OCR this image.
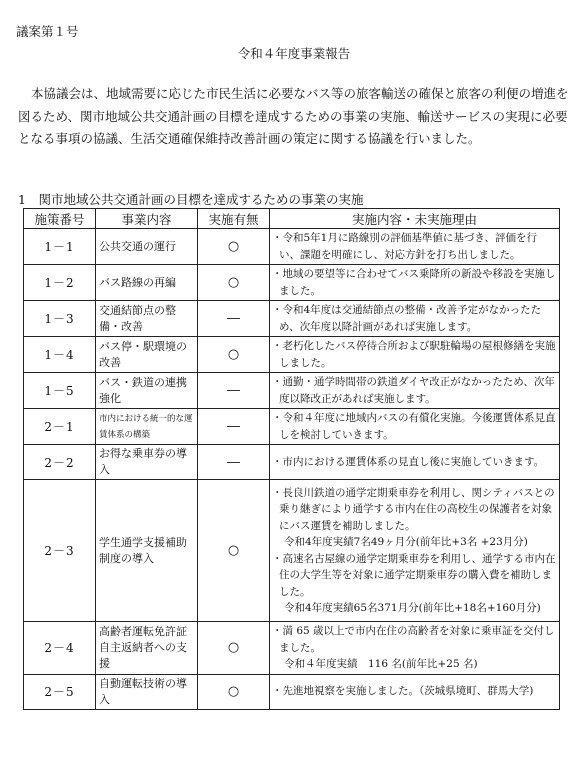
議案第１号
令和４年度事業報告
本協議会は、地域需要に応じた市民生活に必要なバス等の旅客輸送の確保と旅客の利便の増進を図るため、関市地域公共交通計画の目標を達成するための事業の実施、輸送サービスの実現に必要となる事項の協議、生活交通確保維持改善計画の策定に関する協議を行いました。
1　関市地域公共交通計画の目標を達成するための事業の実施
施策番号	事業内容	実施有無	実施内容・未実施理由
1－1	公共交通の運行	○	・令和5年1月に路線別の評価基準値に基づき、評価を行い、課題を明確にし、対応方針を打ち出しました。

1－2	バス路線の再編	○	・地域の要望等に合わせてバス乗降所の新設や移設を実施しました。

1－3	交通結節点の整備・改善	―	・令和4年度は交通結節点の整備・改善予定がなかったため、次年度以降計画があれば実施します。

1－4	バス停・駅環境の改善	○	・老朽化したバス停待合所および駅駐輪場の屋根修繕を実施しました。

1－5	バス・鉄道の連携強化	―	・通勤・通学時間帯の鉄道ダイヤ改正がなかったため、次年度以降改正があれば実施します。

2－1	市内における統一的な運賃体系の構築	―	・令和４年度に地域内バスの有償化実施。今後運賃体系見直しを検討していきます。

2－2	お得な乗車券の導入	―	・市内における運賃体系の見直し後に実施していきます。

2－3	学生通学支援補助制度の導入	○	・長良川鉄道の通学定期乗車券を利用し、関シティバスとの乗り継ぎにより通学する市内在住の高校生の保護者を対象にバス運賃を補助しました。
令和4年度実績7名49ヶ月分(前年比+3名 +23月分)
・高速名古屋線の通学定期乗車券を利用し、通学する市内在住の大学生等を対象に通学定期乗車券の購入費を補助しました。
令和4年度実績65名371月分(前年比+18名+160月分)

2－4	高齢者運転免許証自主返納者への支援	○	・満 65 歳以上で市内在住の高齢者を対象に乗車証を交付しました。
令和４年度実績　116 名(前年比+25 名)

2－5	自動運転技術の導入	○	・先進地視察を実施しました。（茨城県境町、群馬大学)
